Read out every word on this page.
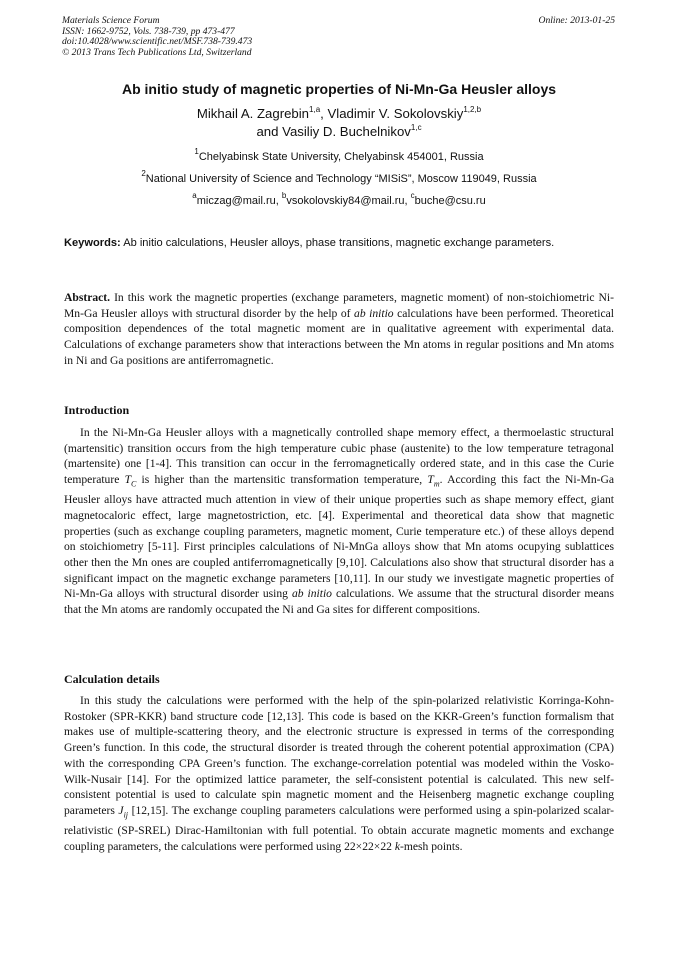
Materials Science Forum
ISSN: 1662-9752, Vols. 738-739, pp 473-477
doi:10.4028/www.scientific.net/MSF.738-739.473
© 2013 Trans Tech Publications Ltd, Switzerland
Online: 2013-01-25
Ab initio study of magnetic properties of Ni-Mn-Ga Heusler alloys
Mikhail A. Zagrebin$^{1,a}$, Vladimir V. Sokolovskiy$^{1,2,b}$
and Vasiliy D. Buchelnikov$^{1,c}$
$^1$Chelyabinsk State University, Chelyabinsk 454001, Russia
$^2$National University of Science and Technology “MISiS”, Moscow 119049, Russia
$^a$miczag@mail.ru, $^b$vsokolovskiy84@mail.ru, $^c$buche@csu.ru
Keywords: Ab initio calculations, Heusler alloys, phase transitions, magnetic exchange parameters.
Abstract. In this work the magnetic properties (exchange parameters, magnetic moment) of non-stoichiometric Ni-Mn-Ga Heusler alloys with structural disorder by the help of ab initio calculations have been performed. Theoretical composition dependences of the total magnetic moment are in qualitative agreement with experimental data. Calculations of exchange parameters show that interactions between the Mn atoms in regular positions and Mn atoms in Ni and Ga positions are antiferromagnetic.
Introduction
In the Ni-Mn-Ga Heusler alloys with a magnetically controlled shape memory effect, a thermoelastic structural (martensitic) transition occurs from the high temperature cubic phase (austenite) to the low temperature tetragonal (martensite) one [1-4]. This transition can occur in the ferromagnetically ordered state, and in this case the Curie temperature $T_C$ is higher than the martensitic transformation temperature, $T_m$. According this fact the Ni-Mn-Ga Heusler alloys have attracted much attention in view of their unique properties such as shape memory effect, giant magnetocaloric effect, large magnetostriction, etc. [4]. Experimental and theoretical data show that magnetic properties (such as exchange coupling parameters, magnetic moment, Curie temperature etc.) of these alloys depend on stoichiometry [5-11]. First principles calculations of Ni-MnGa alloys show that Mn atoms ocupying sublattices other then the Mn ones are coupled antiferromagnetically [9,10]. Calculations also show that structural disorder has a significant impact on the magnetic exchange parameters [10,11]. In our study we investigate magnetic properties of Ni-Mn-Ga alloys with structural disorder using ab initio calculations. We assume that the structural disorder means that the Mn atoms are randomly occupated the Ni and Ga sites for different compositions.
Calculation details
In this study the calculations were performed with the help of the spin-polarized relativistic Korringa-Kohn-Rostoker (SPR-KKR) band structure code [12,13]. This code is based on the KKR-Green’s function formalism that makes use of multiple-scattering theory, and the electronic structure is expressed in terms of the corresponding Green’s function. In this code, the structural disorder is treated through the coherent potential approximation (CPA) with the corresponding CPA Green’s function. The exchange-correlation potential was modeled within the Vosko-Wilk-Nusair [14]. For the optimized lattice parameter, the self-consistent potential is calculated. This new self-consistent potential is used to calculate spin magnetic moment and the Heisenberg magnetic exchange coupling parameters $J_{ij}$ [12,15]. The exchange coupling parameters calculations were performed using a spin-polarized scalar-relativistic (SP-SREL) Dirac-Hamiltonian with full potential. To obtain accurate magnetic moments and exchange coupling parameters, the calculations were performed using 22×22×22 k-mesh points.
